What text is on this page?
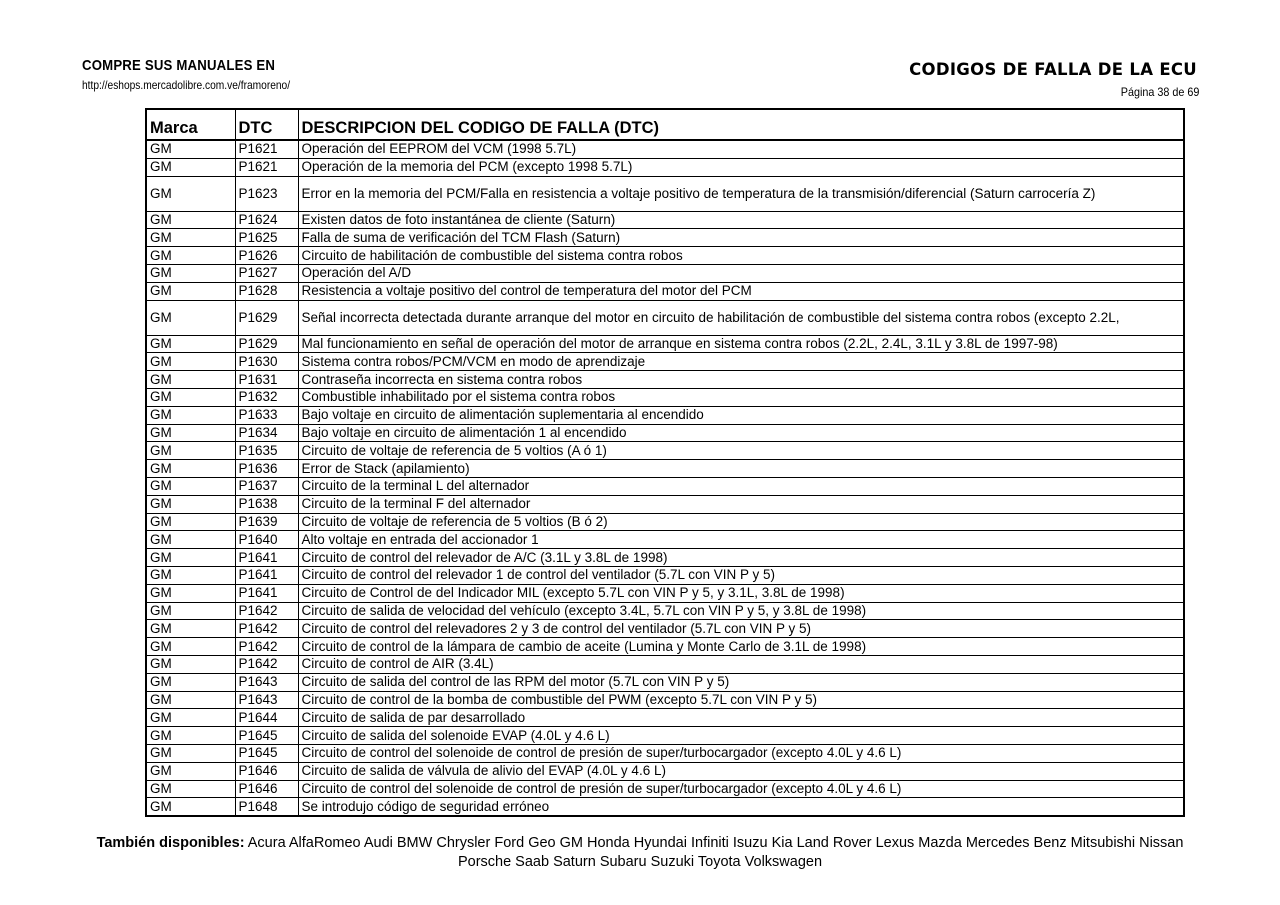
COMPRE SUS MANUALES EN
http://eshops.mercadolibre.com.ve/framoreno/
CODIGOS DE FALLA DE LA ECU
Página 38 de 69
Marca	DTC	DESCRIPCION DEL CODIGO DE FALLA (DTC)
GM	P1621	Operación del EEPROM del VCM (1998 5.7L)
GM	P1621	Operación de la memoria del PCM (excepto 1998 5.7L)
GM	P1623	Error en la memoria del PCM/Falla en resistencia a voltaje positivo de temperatura de la transmisión/diferencial (Saturn carrocería Z)
GM	P1624	Existen datos de foto instantánea de cliente (Saturn)
GM	P1625	Falla de suma de verificación del TCM Flash (Saturn)
GM	P1626	Circuito de habilitación de combustible del sistema contra robos
GM	P1627	Operación del A/D
GM	P1628	Resistencia a voltaje positivo del control de temperatura del motor del PCM
GM	P1629	Señal incorrecta detectada durante arranque del motor en circuito de habilitación de combustible del sistema contra robos (excepto 2.2L,
GM	P1629	Mal funcionamiento en señal de operación del motor de arranque en sistema contra robos (2.2L, 2.4L, 3.1L y 3.8L de 1997-98)
GM	P1630	Sistema contra robos/PCM/VCM en modo de aprendizaje
GM	P1631	Contraseña incorrecta en sistema contra robos
GM	P1632	Combustible inhabilitado por el sistema contra robos
GM	P1633	Bajo voltaje en circuito de alimentación suplementaria al encendido
GM	P1634	Bajo voltaje en circuito de alimentación 1 al encendido
GM	P1635	Circuito de voltaje de referencia de 5 voltios (A ó 1)
GM	P1636	Error de Stack (apilamiento)
GM	P1637	Circuito de la terminal L del alternador
GM	P1638	Circuito de la terminal F del alternador
GM	P1639	Circuito de voltaje de referencia de 5 voltios (B ó 2)
GM	P1640	Alto voltaje en entrada del accionador 1
GM	P1641	Circuito de control del relevador de A/C (3.1L y 3.8L de 1998)
GM	P1641	Circuito de control del relevador 1 de control del ventilador (5.7L con VIN P y 5)
GM	P1641	Circuito de Control de del Indicador MIL (excepto 5.7L con VIN P y 5, y 3.1L, 3.8L de 1998)
GM	P1642	Circuito de salida de velocidad del vehículo (excepto 3.4L, 5.7L con VIN P y 5, y 3.8L de 1998)
GM	P1642	Circuito de control del relevadores 2 y 3 de control del ventilador (5.7L con VIN P y 5)
GM	P1642	Circuito de control de la lámpara de cambio de aceite (Lumina y Monte Carlo de 3.1L de 1998)
GM	P1642	Circuito de control de AIR (3.4L)
GM	P1643	Circuito de salida del control de las RPM del motor (5.7L con VIN P y 5)
GM	P1643	Circuito de control de la bomba de combustible del PWM (excepto 5.7L con VIN P y 5)
GM	P1644	Circuito de salida de par desarrollado
GM	P1645	Circuito de salida del solenoide EVAP (4.0L y 4.6 L)
GM	P1645	Circuito de control del solenoide de control de presión de super/turbocargador (excepto 4.0L y 4.6 L)
GM	P1646	Circuito de salida de válvula de alivio del EVAP (4.0L y 4.6 L)
GM	P1646	Circuito de control del solenoide de control de presión de super/turbocargador (excepto 4.0L y 4.6 L)
GM	P1648	Se introdujo código de seguridad erróneo
También disponibles: Acura AlfaRomeo Audi BMW Chrysler Ford Geo GM Honda Hyundai Infiniti Isuzu Kia Land Rover Lexus Mazda Mercedes Benz Mitsubishi Nissan
Porsche Saab Saturn Subaru Suzuki Toyota Volkswagen
